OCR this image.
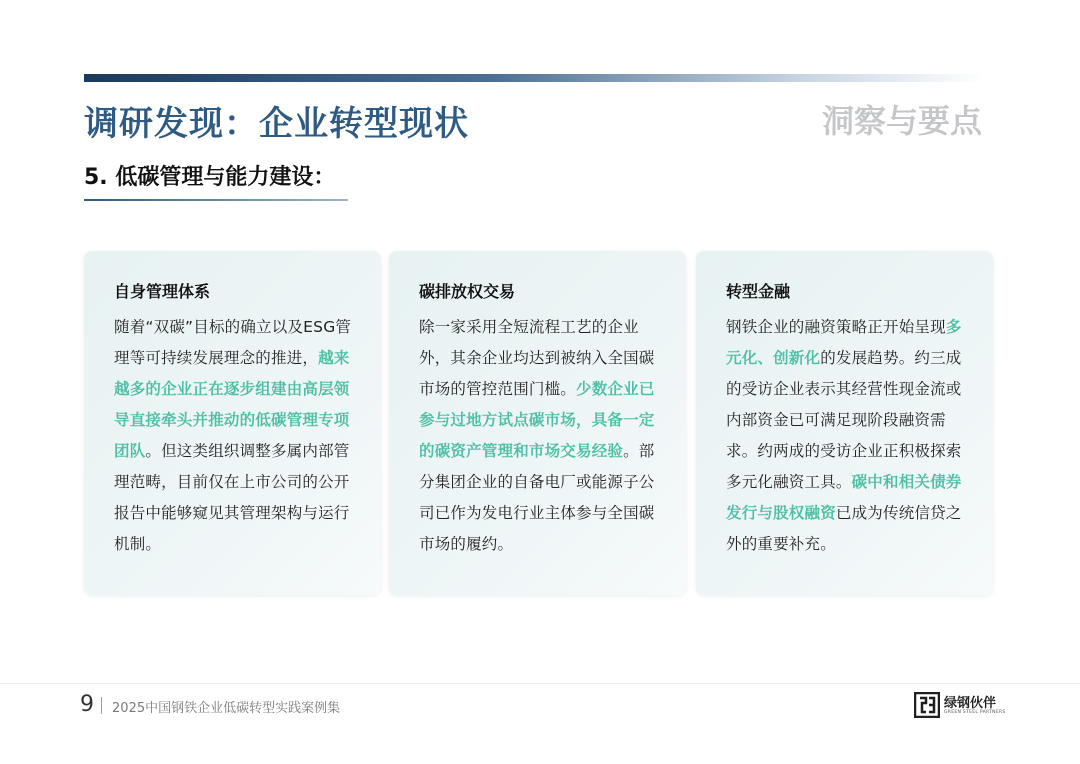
调研发现：企业转型现状	洞察与要点
5. 低碳管理与能力建设：
自身管理体系
随着“双碳”目标的确立以及ESG管理等可持续发展理念的推进，越来越多的企业正在逐步组建由高层领导直接牵头并推动的低碳管理专项团队。但这类组织调整多属内部管理范畴，目前仅在上市公司的公开报告中能够窥见其管理架构与运行机制。
碳排放权交易
除一家采用全短流程工艺的企业外，其余企业均达到被纳入全国碳市场的管控范围门槛。少数企业已参与过地方试点碳市场，具备一定的碳资产管理和市场交易经验。部分集团企业的自备电厂或能源子公司已作为发电行业主体参与全国碳市场的履约。
转型金融
钢铁企业的融资策略正开始呈现多元化、创新化的发展趋势。约三成的受访企业表示其经营性现金流或内部资金已可满足现阶段融资需求。约两成的受访企业正积极探索多元化融资工具。碳中和相关债券发行与股权融资已成为传统信贷之外的重要补充。
9 2025中国钢铁企业低碳转型实践案例集	绿钢伙伴
GREEN STEEL PARTNERS
